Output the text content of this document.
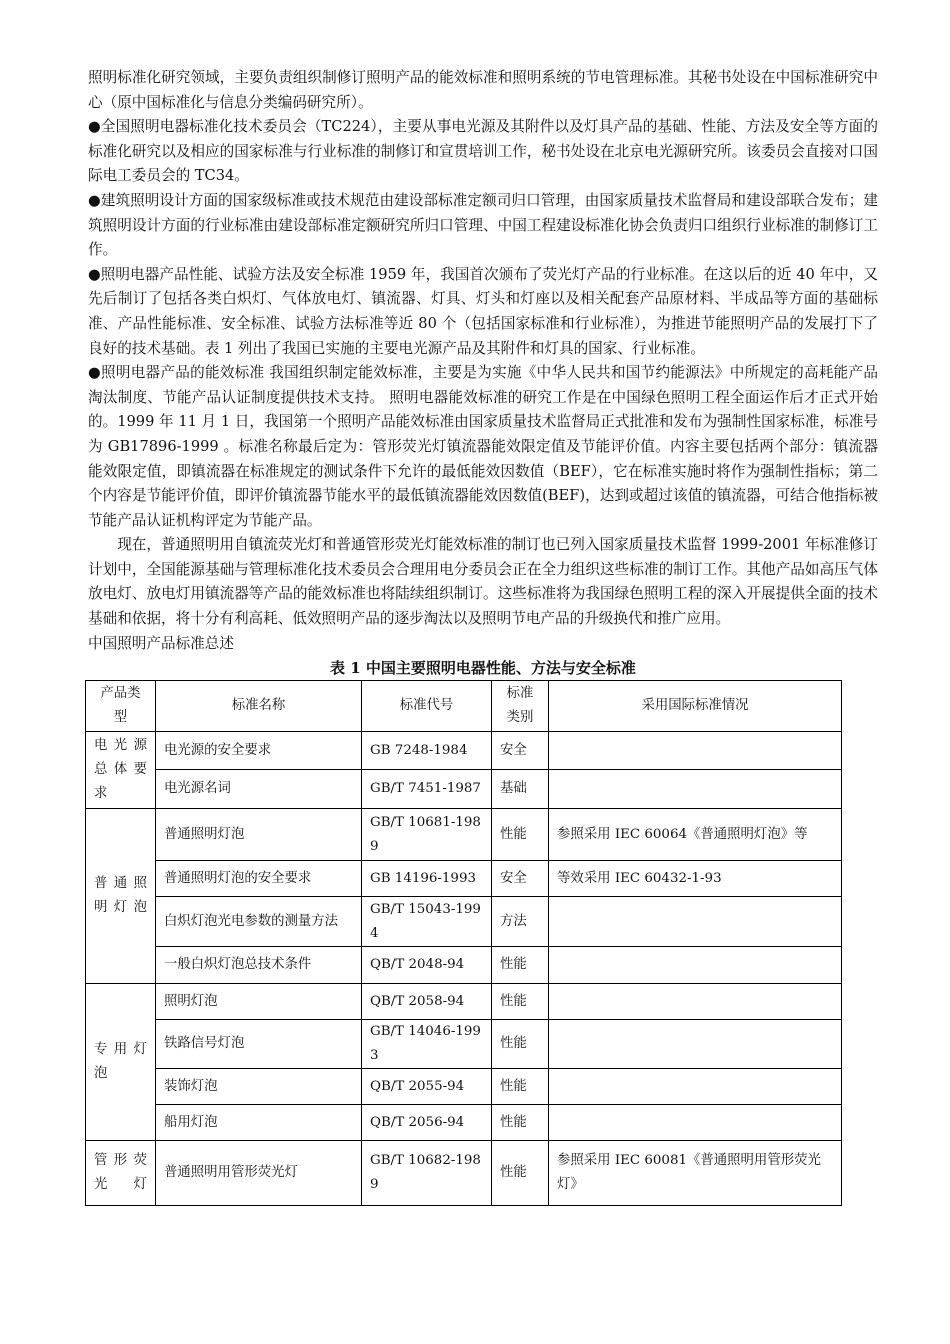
照明标准化研究领域，主要负责组织制修订照明产品的能效标准和照明系统的节电管理标准。其秘书处设在中国标准研究中心（原中国标准化与信息分类编码研究所）。

●全国照明电器标准化技术委员会（TC224），主要从事电光源及其附件以及灯具产品的基础、性能、方法及安全等方面的标准化研究以及相应的国家标准与行业标准的制修订和宣贯培训工作，秘书处设在北京电光源研究所。该委员会直接对口国际电工委员会的 TC34。

●建筑照明设计方面的国家级标准或技术规范由建设部标准定额司归口管理，由国家质量技术监督局和建设部联合发布；建筑照明设计方面的行业标准由建设部标准定额研究所归口管理、中国工程建设标准化协会负责归口组织行业标准的制修订工作。

●照明电器产品性能、试验方法及安全标准 1959 年，我国首次颁布了荧光灯产品的行业标准。在这以后的近 40 年中，又先后制订了包括各类白炽灯、气体放电灯、镇流器、灯具、灯头和灯座以及相关配套产品原材料、半成品等方面的基础标准、产品性能标准、安全标准、试验方法标准等近 80 个（包括国家标准和行业标准），为推进节能照明产品的发展打下了良好的技术基础。表 1 列出了我国已实施的主要电光源产品及其附件和灯具的国家、行业标准。

●照明电器产品的能效标准 我国组织制定能效标准，主要是为实施《中华人民共和国节约能源法》中所规定的高耗能产品淘汰制度、节能产品认证制度提供技术支持。 照明电器能效标准的研究工作是在中国绿色照明工程全面运作后才正式开始的。1999 年 11 月 1 日，我国第一个照明产品能效标准由国家质量技术监督局正式批准和发布为强制性国家标准，标准号为 GB17896-1999 。标准名称最后定为：管形荧光灯镇流器能效限定值及节能评价值。内容主要包括两个部分：镇流器能效限定值，即镇流器在标准规定的测试条件下允许的最低能效因数值（BEF），它在标准实施时将作为强制性指标；第二个内容是节能评价值，即评价镇流器节能水平的最低镇流器能效因数值(BEF)，达到或超过该值的镇流器，可结合他指标被节能产品认证机构评定为节能产品。

现在，普通照明用自镇流荧光灯和普通管形荧光灯能效标准的制订也已列入国家质量技术监督 1999-2001 年标准修订计划中，全国能源基础与管理标准化技术委员会合理用电分委员会正在全力组织这些标准的制订工作。其他产品如高压气体放电灯、放电灯用镇流器等产品的能效标准也将陆续组织制订。这些标准将为我国绿色照明工程的深入开展提供全面的技术基础和依据，将十分有利高耗、低效照明产品的逐步淘汰以及照明节电产品的升级换代和推广应用。

中国照明产品标准总述

表 1 中国主要照明电器性能、方法与安全标准

产品类型	标准名称	标准代号	标准类别	采用国际标准情况
电光源总体要求	电光源的安全要求	GB 7248-1984	安全	
	电光源名词	GB/T 7451-1987	基础	
普通照明灯泡	普通照明灯泡	GB/T 10681-1989	性能	参照采用 IEC 60064《普通照明灯泡》等
	普通照明灯泡的安全要求	GB 14196-1993	安全	等效采用 IEC 60432-1-93
	白炽灯泡光电参数的测量方法	GB/T 15043-1994	方法	
	一般白炽灯泡总技术条件	QB/T 2048-94	性能	
专用灯泡	照明灯泡	QB/T 2058-94	性能	
	铁路信号灯泡	GB/T 14046-1993	性能	
	装饰灯泡	QB/T 2055-94	性能	
	船用灯泡	QB/T 2056-94	性能	
管形荧光灯	普通照明用管形荧光灯	GB/T 10682-1989	性能	参照采用 IEC 60081《普通照明用管形荧光灯》
